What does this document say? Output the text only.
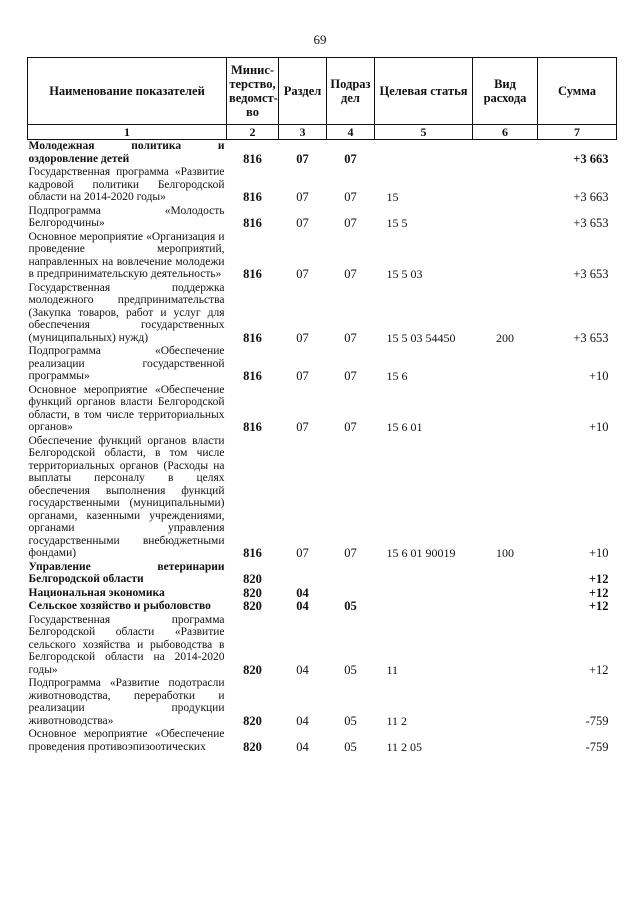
69
Наименование показателей	Минис-терство, ведомст-во	Раздел	Подраз дел	Целевая статья	Вид расхода	Сумма
1	2	3	4	5	6	7
Молодежная политика и оздоровление детей	816	07	07			+3 663
Государственная программа «Развитие кадровой политики Белгородской области на 2014-2020 годы»	816	07	07	15		+3 663
Подпрограмма «Молодость Белгородчины»	816	07	07	15 5		+3 653
Основное мероприятие «Организация и проведение мероприятий, направленных на вовлечение молодежи в предпринимательскую деятельность»	816	07	07	15 5 03		+3 653
Государственная поддержка молодежного предпринимательства (Закупка товаров, работ и услуг для обеспечения государственных (муниципальных) нужд)	816	07	07	15 5 03 54450	200	+3 653
Подпрограмма «Обеспечение реализации государственной программы»	816	07	07	15 6		+10
Основное мероприятие «Обеспечение функций органов власти Белгородской области, в том числе территориальных органов»	816	07	07	15 6 01		+10
Обеспечение функций органов власти Белгородской области, в том числе территориальных органов (Расходы на выплаты персоналу в целях обеспечения выполнения функций государственными (муниципальными) органами, казенными учреждениями, органами управления государственными внебюджетными фондами)	816	07	07	15 6 01 90019	100	+10
Управление ветеринарии Белгородской области	820					+12
Национальная экономика	820	04				+12
Сельское хозяйство и рыболовство	820	04	05			+12
Государственная программа Белгородской области «Развитие сельского хозяйства и рыбоводства в Белгородской области на 2014-2020 годы»	820	04	05	11		+12
Подпрограмма «Развитие подотрасли животноводства, переработки и реализации продукции животноводства»	820	04	05	11 2		-759
Основное мероприятие «Обеспечение проведения противоэпизоотических	820	04	05	11 2 05		-759
